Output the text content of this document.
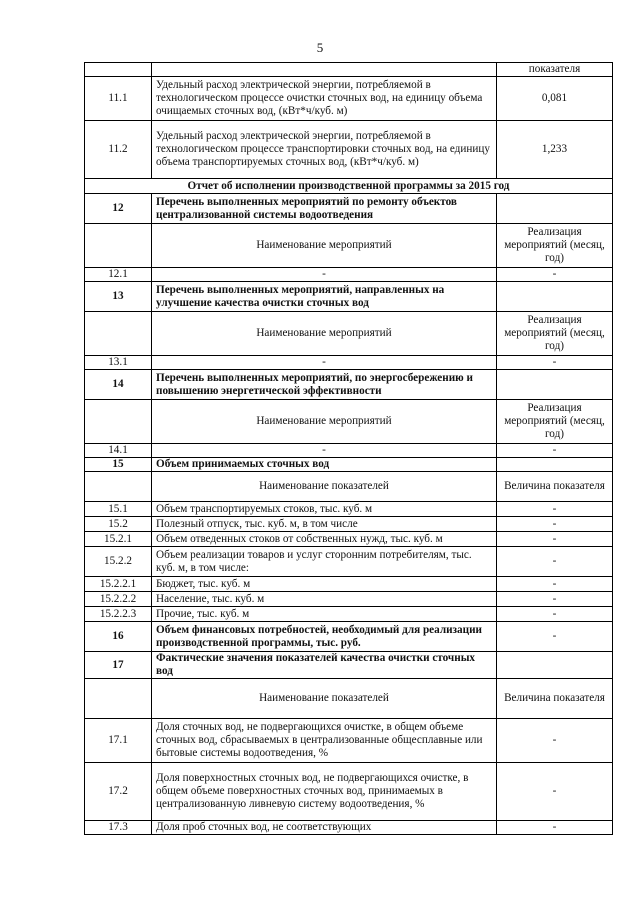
5
		показателя
11.1	Удельный расход электрической энергии, потребляемой в технологическом процессе очистки сточных вод, на единицу объема очищаемых сточных вод, (кВт*ч/куб. м)	0,081
11.2	Удельный расход электрической энергии, потребляемой в технологическом процессе транспортировки сточных вод, на единицу объема транспортируемых сточных вод, (кВт*ч/куб. м)	1,233
Отчет об исполнении производственной программы за 2015 год		
12	Перечень выполненных мероприятий по ремонту объектов централизованной системы водоотведения	
	Наименование мероприятий	Реализация мероприятий (месяц, год)
12.1	-	-
13	Перечень выполненных мероприятий, направленных на улучшение качества очистки сточных вод	
	Наименование мероприятий	Реализация мероприятий (месяц, год)
13.1	-	-
14	Перечень выполненных мероприятий, по энергосбережению и повышению энергетической эффективности	
	Наименование мероприятий	Реализация мероприятий (месяц, год)
14.1	-	-
15	Объем принимаемых сточных вод	
	Наименование показателей	Величина показателя
15.1	Объем транспортируемых стоков, тыс. куб. м	-
15.2	Полезный отпуск, тыс. куб. м, в том числе	-
15.2.1	Объем отведенных стоков от собственных нужд, тыс. куб. м	-
15.2.2	Объем реализации товаров и услуг сторонним потребителям, тыс. куб. м, в том числе:	-
15.2.2.1	Бюджет, тыс. куб. м	-
15.2.2.2	Население, тыс. куб. м	-
15.2.2.3	Прочие, тыс. куб. м	-
16	Объем финансовых потребностей, необходимый для реализации производственной программы, тыс. руб.	-
17	Фактические значения показателей качества очистки сточных вод	
	Наименование показателей	Величина показателя
17.1	Доля сточных вод, не подвергающихся очистке, в общем объеме сточных вод, сбрасываемых в централизованные общесплавные или бытовые системы водоотведения, %	-
17.2	Доля поверхностных сточных вод, не подвергающихся очистке, в общем объеме поверхностных сточных вод, принимаемых в централизованную ливневую систему водоотведения, %	-
17.3	Доля проб сточных вод, не соответствующих	-
